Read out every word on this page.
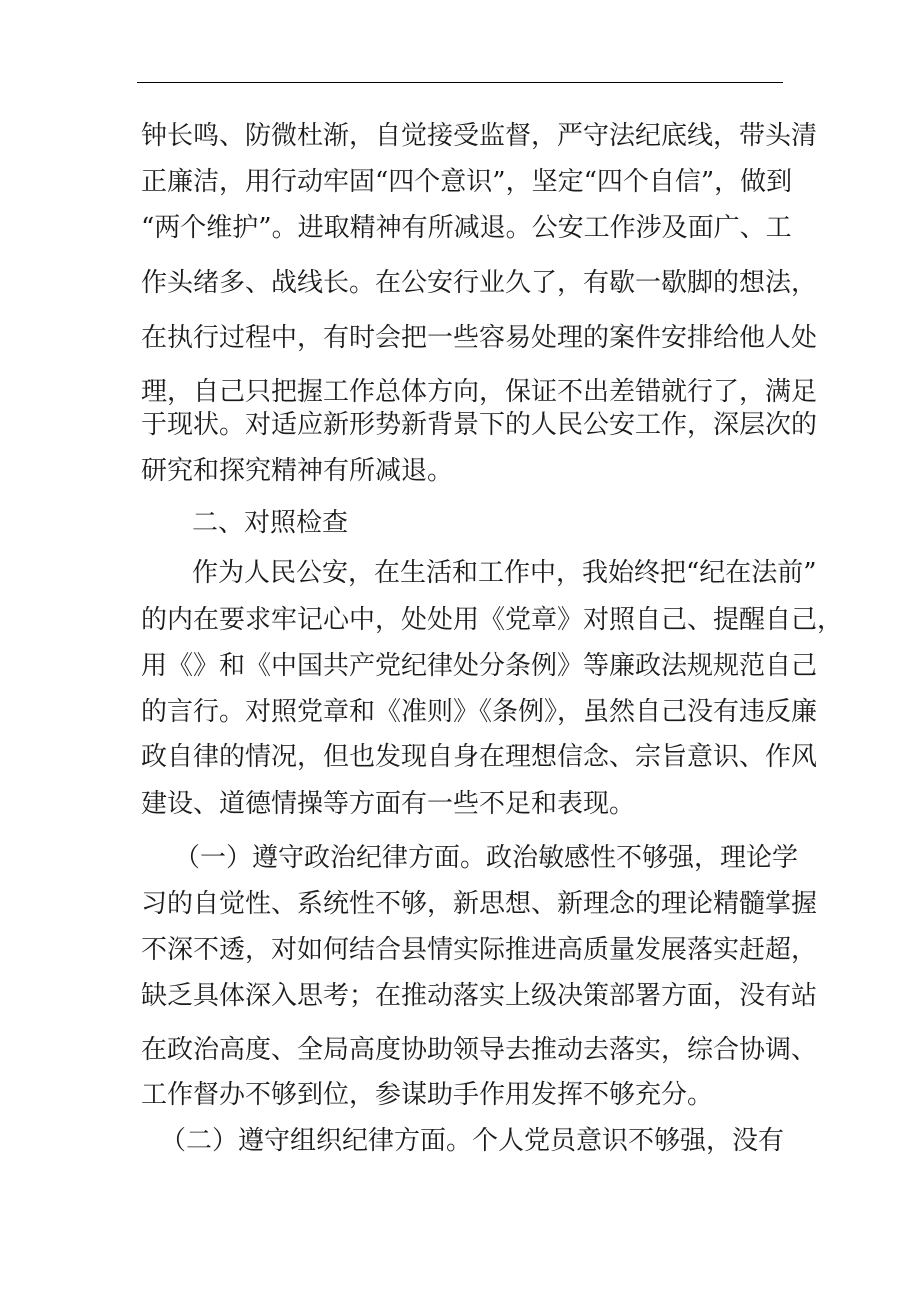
钟长鸣、防微杜渐，自觉接受监督，严守法纪底线，带头清
正廉洁，用行动牢固“四个意识”，坚定“四个自信”，做到
“两个维护”。进取精神有所减退。公安工作涉及面广、工
作头绪多、战线长。在公安行业久了，有歇一歇脚的想法，
在执行过程中，有时会把一些容易处理的案件安排给他人处
理，自己只把握工作总体方向，保证不出差错就行了，满足
于现状。对适应新形势新背景下的人民公安工作，深层次的
研究和探究精神有所减退。
二、对照检查
作为人民公安，在生活和工作中，我始终把“纪在法前”
的内在要求牢记心中，处处用《党章》对照自己、提醒自己，
用《》和《中国共产党纪律处分条例》等廉政法规规范自己
的言行。对照党章和《准则》《条例》，虽然自己没有违反廉
政自律的情况，但也发现自身在理想信念、宗旨意识、作风
建设、道德情操等方面有一些不足和表现。
（一）遵守政治纪律方面。政治敏感性不够强，理论学
习的自觉性、系统性不够，新思想、新理念的理论精髓掌握
不深不透，对如何结合县情实际推进高质量发展落实赶超，
缺乏具体深入思考；在推动落实上级决策部署方面，没有站
在政治高度、全局高度协助领导去推动去落实，综合协调、
工作督办不够到位，参谋助手作用发挥不够充分。
（二）遵守组织纪律方面。个人党员意识不够强，没有
